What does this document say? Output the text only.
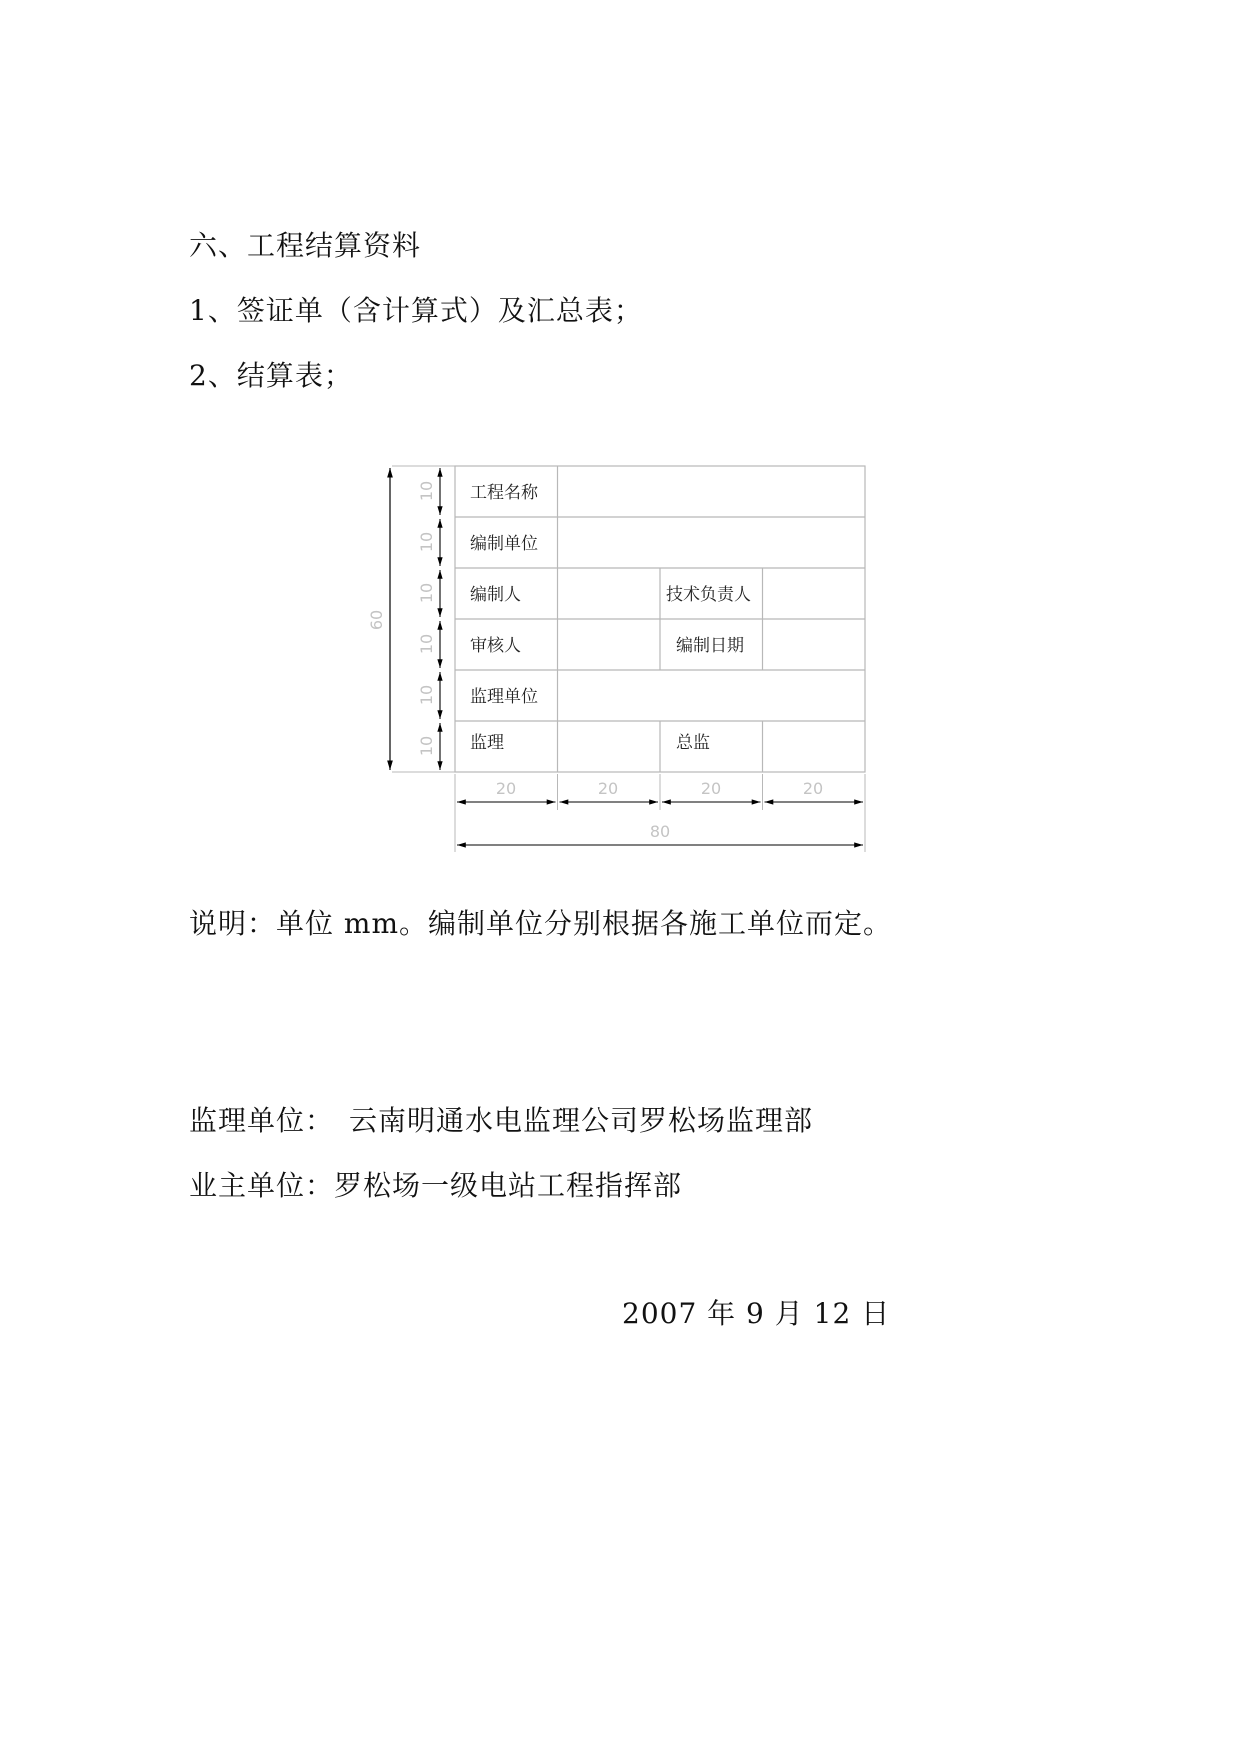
六、工程结算资料
1、签证单（含计算式）及汇总表；
2、结算表；
工程名称
编制单位
编制人	技术负责人
审核人	编制日期
监理单位
监理	总监
60
10
10
10
10
10
10
20	20	20	20
80
说明：单位 mm。编制单位分别根据各施工单位而定。
监理单位：　云南明通水电监理公司罗松场监理部
业主单位：罗松场一级电站工程指挥部
2007 年 9 月 12 日
